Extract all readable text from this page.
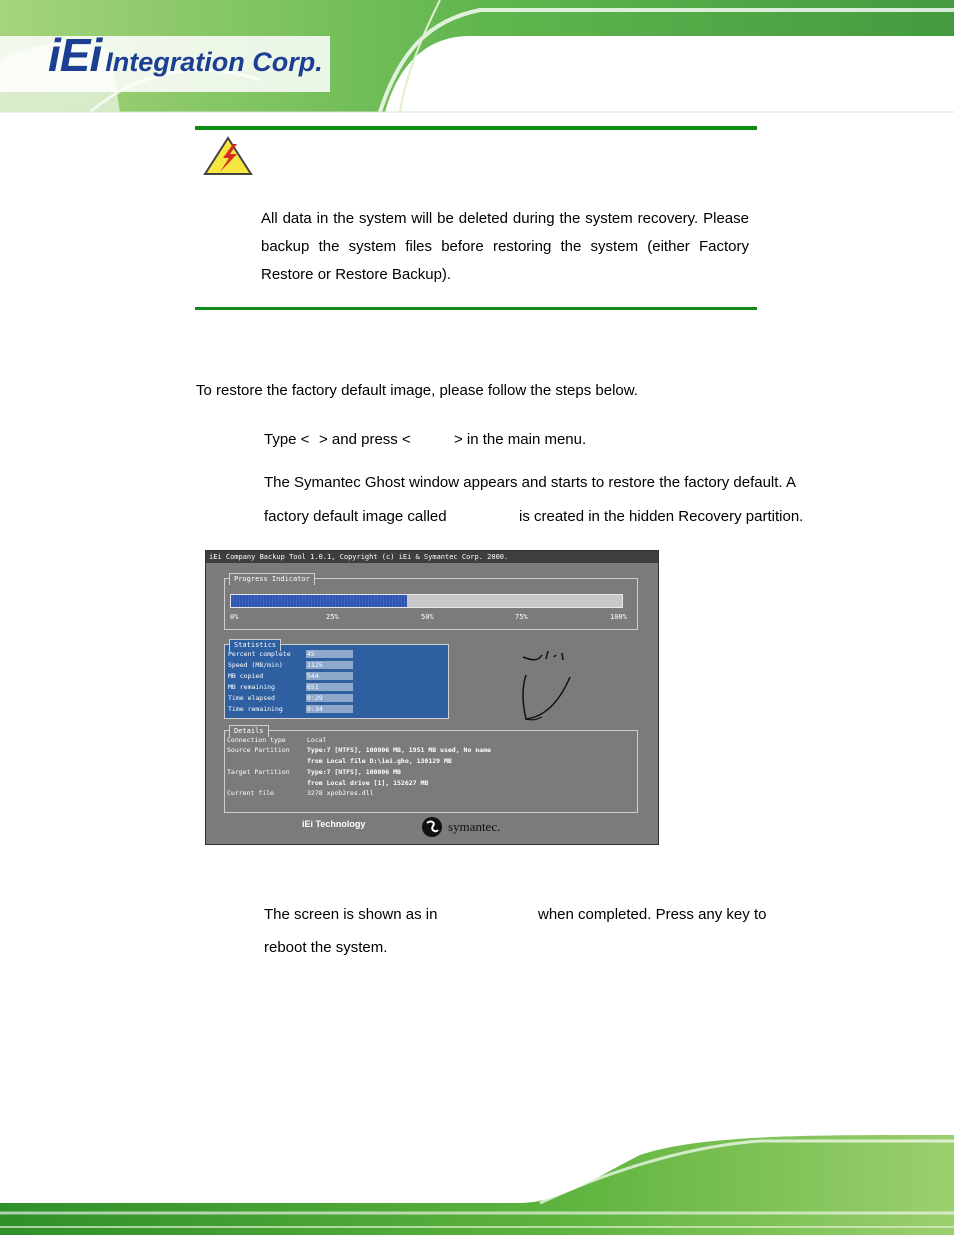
iEi Integration Corp.
All data in the system will be deleted during the system recovery. Please backup the system files before restoring the system (either Factory Restore or Restore Backup).
To restore the factory default image, please follow the steps below.
Type < > and press <	> in the main menu.
The Symantec Ghost window appears and starts to restore the factory default. A
factory default image called	is created in the hidden Recovery partition.
iEi Company Backup Tool 1.0.1, Copyright (c) iEi & Symantec Corp. 2000.
Progress Indicator
0%	25%	50%	75%	100%
Statistics
Percent complete	45
Speed (MB/min)	1125
MB copied	544
MB remaining	651
Time elapsed	0:29
Time remaining	0:34
Details
Connection type	Local
Source Partition	Type:7 [NTFS], 100006 MB, 1951 MB used, No name
from Local file D:\iei.gho, 130129 MB
Target Partition	Type:7 [NTFS], 100006 MB
from Local drive [1], 152627 MB
Current file	3278 xpob2res.dll
iEi Technology	symantec.
The screen is shown as in	when completed. Press any key to
reboot the system.
